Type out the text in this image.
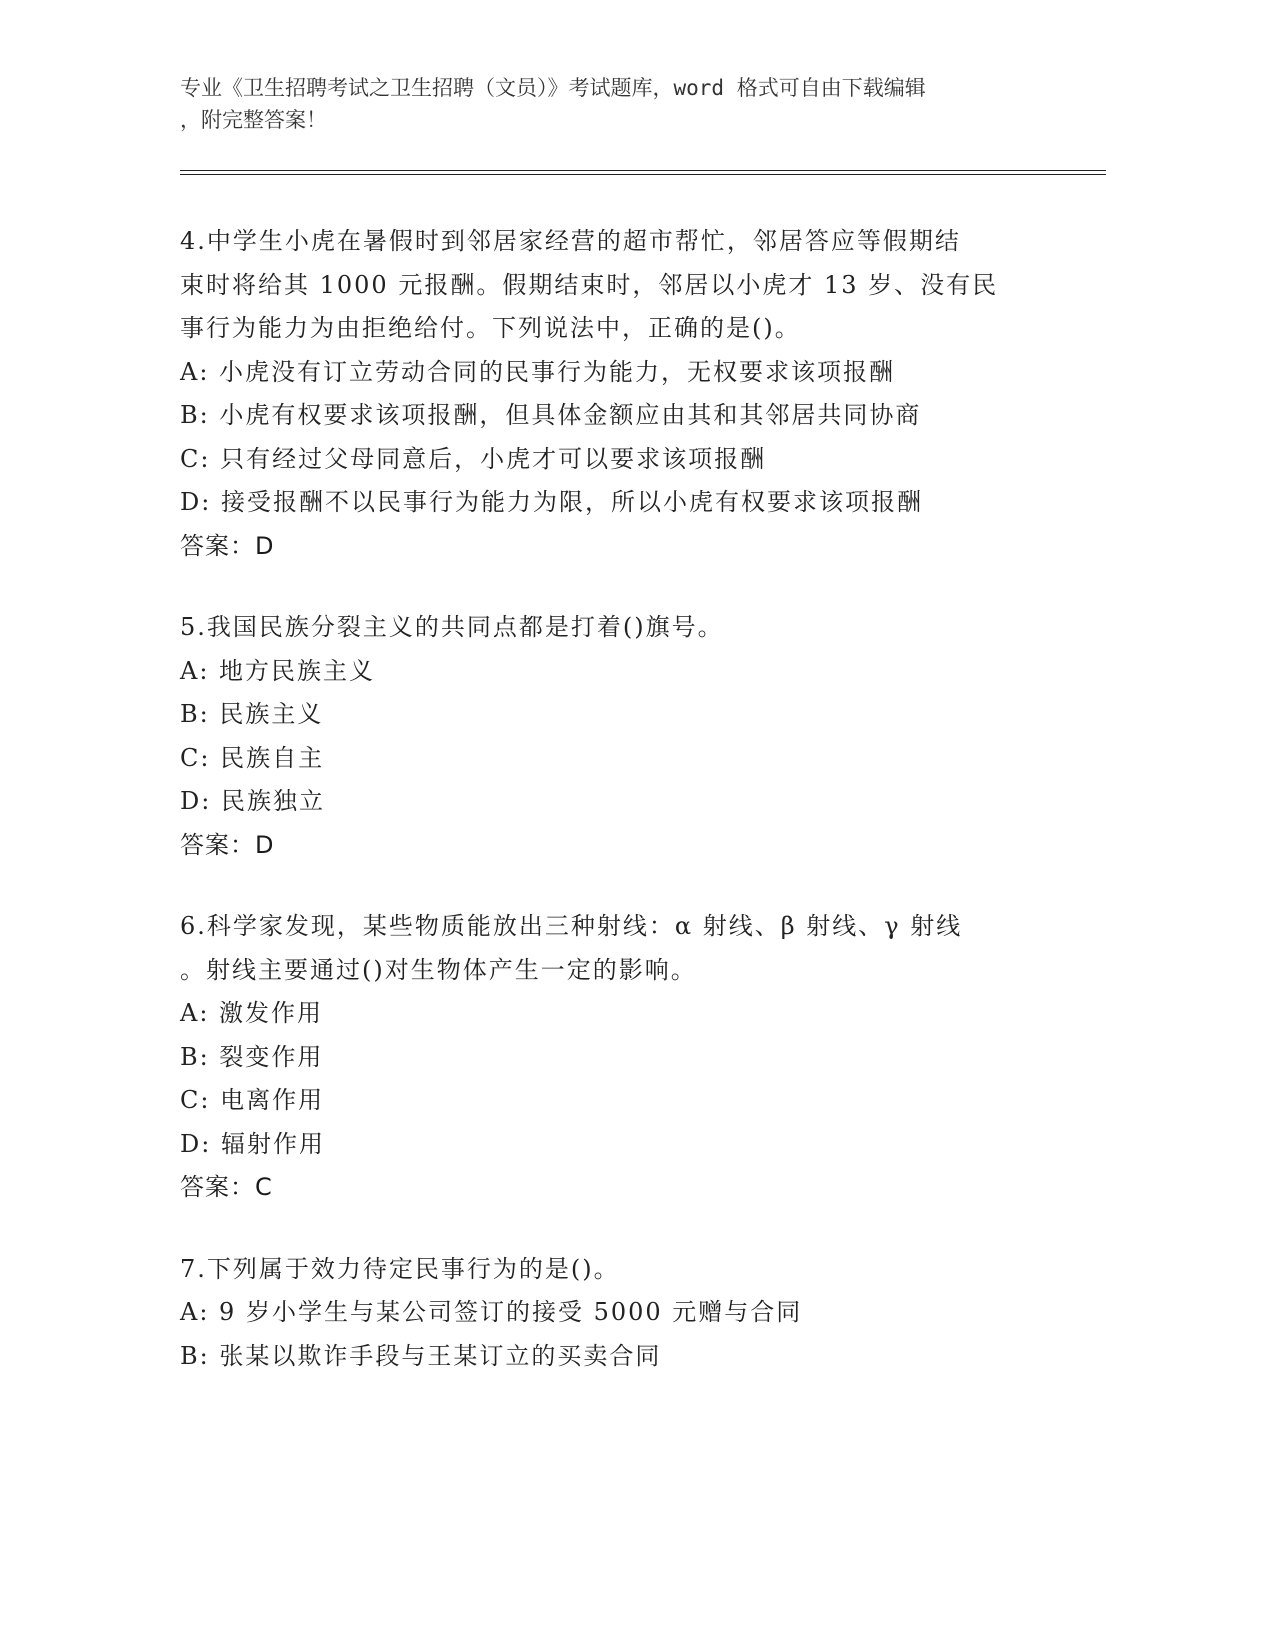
专业《卫生招聘考试之卫生招聘（文员）》考试题库，word 格式可自由下载编辑
，附完整答案！
4.中学生小虎在暑假时到邻居家经营的超市帮忙，邻居答应等假期结
束时将给其 1000 元报酬。假期结束时，邻居以小虎才 13 岁、没有民
事行为能力为由拒绝给付。下列说法中，正确的是()。
A: 小虎没有订立劳动合同的民事行为能力，无权要求该项报酬
B: 小虎有权要求该项报酬，但具体金额应由其和其邻居共同协商
C: 只有经过父母同意后，小虎才可以要求该项报酬
D: 接受报酬不以民事行为能力为限，所以小虎有权要求该项报酬
答案：D
5.我国民族分裂主义的共同点都是打着()旗号。
A: 地方民族主义
B: 民族主义
C: 民族自主
D: 民族独立
答案：D
6.科学家发现，某些物质能放出三种射线：α 射线、β 射线、γ 射线
。射线主要通过()对生物体产生一定的影响。
A: 激发作用
B: 裂变作用
C: 电离作用
D: 辐射作用
答案：C
7.下列属于效力待定民事行为的是()。
A: 9 岁小学生与某公司签订的接受 5000 元赠与合同
B: 张某以欺诈手段与王某订立的买卖合同
